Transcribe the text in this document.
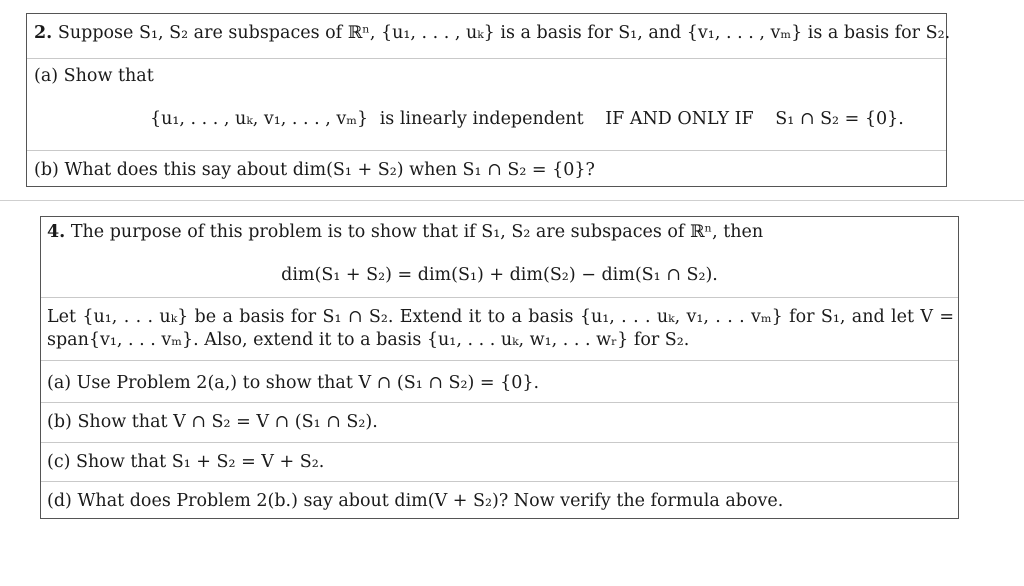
2. Suppose S₁, S₂ are subspaces of ℝⁿ, {u₁, . . . , uₖ} is a basis for S₁, and {v₁, . . . , vₘ} is a basis for S₂.
(a) Show that
{u₁, . . . , uₖ, v₁, . . . , vₘ} is linearly independent IF AND ONLY IF S₁ ∩ S₂ = {0}.
(b) What does this say about dim(S₁ + S₂) when S₁ ∩ S₂ = {0}?
4. The purpose of this problem is to show that if S₁, S₂ are subspaces of ℝⁿ, then
dim(S₁ + S₂) = dim(S₁) + dim(S₂) − dim(S₁ ∩ S₂).
Let {u₁, . . . uₖ} be a basis for S₁ ∩ S₂. Extend it to a basis {u₁, . . . uₖ, v₁, . . . vₘ} for S₁, and let V =
span{v₁, . . . vₘ}. Also, extend it to a basis {u₁, . . . uₖ, w₁, . . . wᵣ} for S₂.
(a) Use Problem 2(a,) to show that V ∩ (S₁ ∩ S₂) = {0}.
(b) Show that V ∩ S₂ = V ∩ (S₁ ∩ S₂).
(c) Show that S₁ + S₂ = V + S₂.
(d) What does Problem 2(b.) say about dim(V + S₂)? Now verify the formula above.
